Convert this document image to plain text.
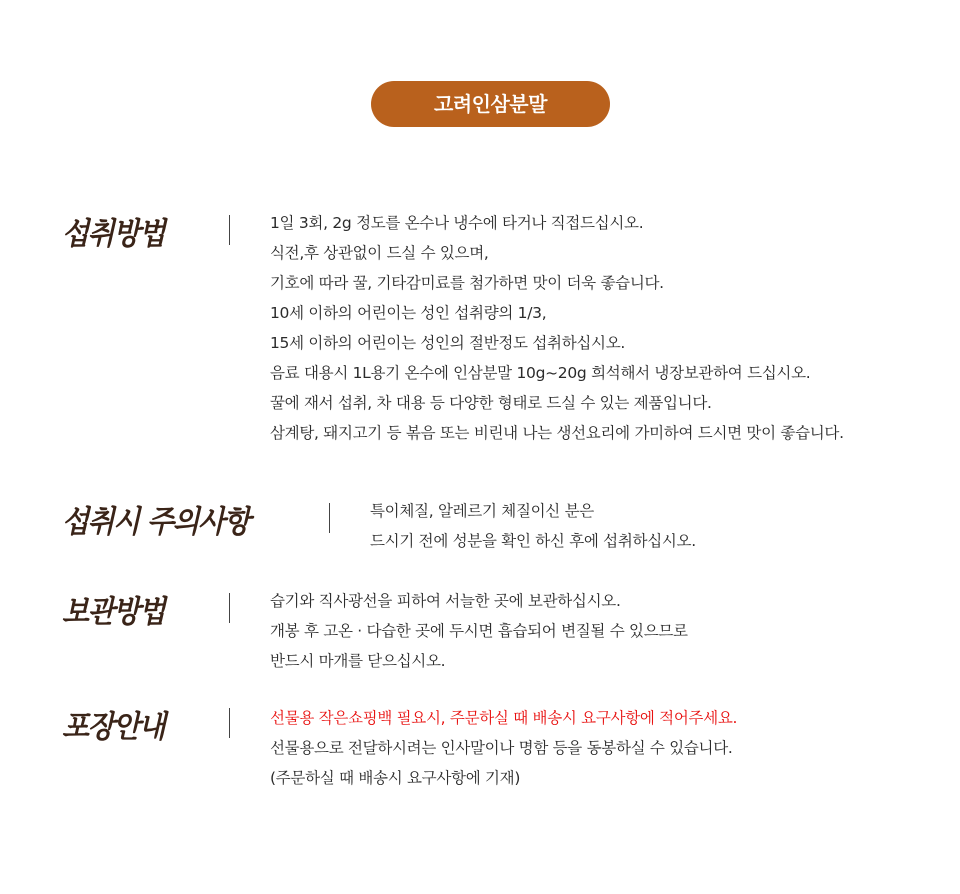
고려인삼분말
섭취방법	1일 3회, 2g 정도를 온수나 냉수에 타거나 직접드십시오.
식전,후 상관없이 드실 수 있으며,
기호에 따라 꿀, 기타감미료를 첨가하면 맛이 더욱 좋습니다.
10세 이하의 어린이는 성인 섭취량의 1/3,
15세 이하의 어린이는 성인의 절반정도 섭취하십시오.
음료 대용시 1L용기 온수에 인삼분말 10g~20g 희석해서 냉장보관하여 드십시오.
꿀에 재서 섭취, 차 대용 등 다양한 형태로 드실 수 있는 제품입니다.
삼계탕, 돼지고기 등 볶음 또는 비린내 나는 생선요리에 가미하여 드시면 맛이 좋습니다.
섭취시 주의사항	특이체질, 알레르기 체질이신 분은
드시기 전에 성분을 확인 하신 후에 섭취하십시오.
보관방법	습기와 직사광선을 피하여 서늘한 곳에 보관하십시오.
개봉 후 고온 · 다습한 곳에 두시면 흡습되어 변질될 수 있으므로
반드시 마개를 닫으십시오.
포장안내	선물용 작은쇼핑백 필요시, 주문하실 때 배송시 요구사항에 적어주세요.
선물용으로 전달하시려는 인사말이나 명함 등을 동봉하실 수 있습니다.
(주문하실 때 배송시 요구사항에 기재)
